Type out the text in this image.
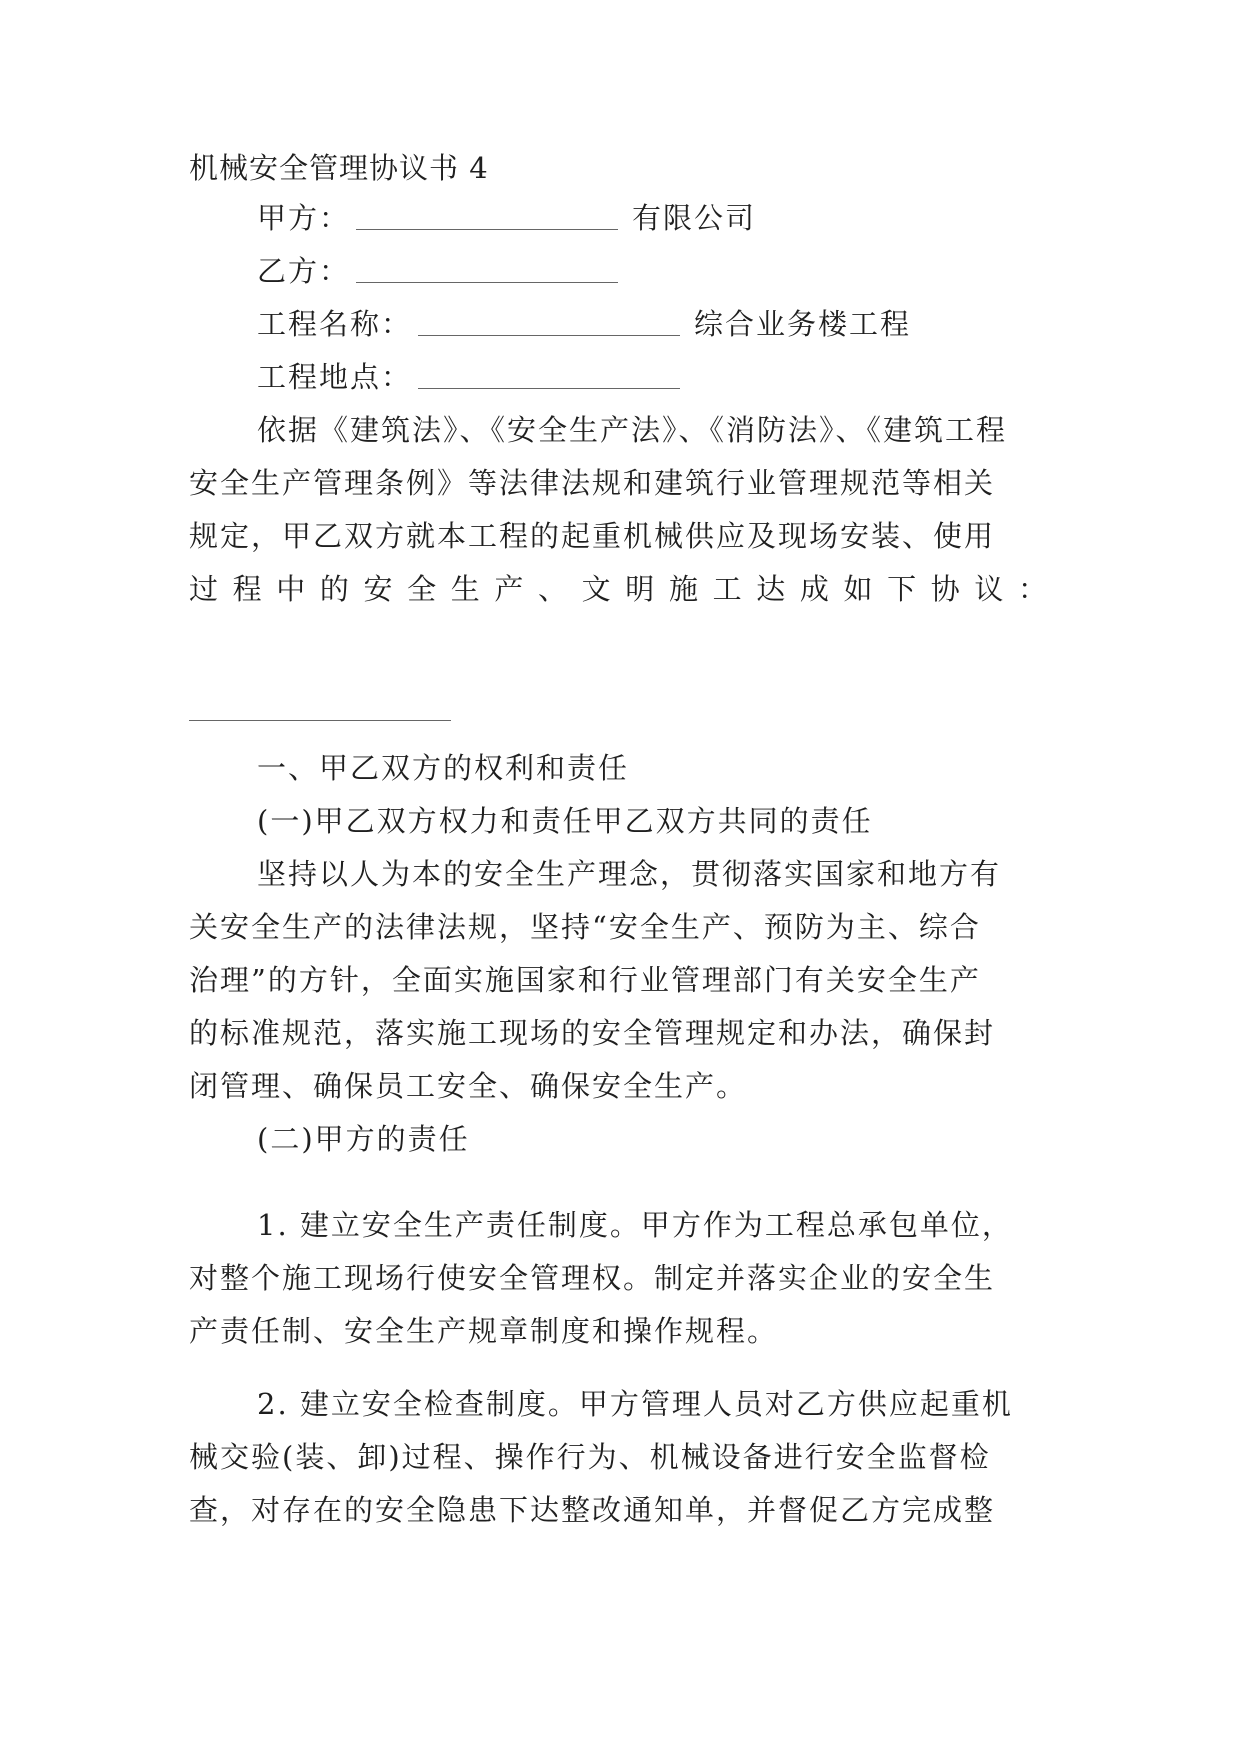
机械安全管理协议书 4
甲方：	有限公司
乙方：
工程名称：	综合业务楼工程
工程地点：
依据《建筑法》、《安全生产法》、《消防法》、《建筑工程
安全生产管理条例》等法律法规和建筑行业管理规范等相关
规定，甲乙双方就本工程的起重机械供应及现场安装、使用
过程中的安全生产、文明施工达成如下协议：
一、甲乙双方的权利和责任
(一)甲乙双方权力和责任甲乙双方共同的责任
坚持以人为本的安全生产理念，贯彻落实国家和地方有
关安全生产的法律法规，坚持“安全生产、预防为主、综合
治理”的方针，全面实施国家和行业管理部门有关安全生产
的标准规范，落实施工现场的安全管理规定和办法，确保封
闭管理、确保员工安全、确保安全生产。
(二)甲方的责任
1. 建立安全生产责任制度。甲方作为工程总承包单位，
对整个施工现场行使安全管理权。制定并落实企业的安全生
产责任制、安全生产规章制度和操作规程。
2. 建立安全检查制度。甲方管理人员对乙方供应起重机
械交验(装、卸)过程、操作行为、机械设备进行安全监督检
查，对存在的安全隐患下达整改通知单，并督促乙方完成整
